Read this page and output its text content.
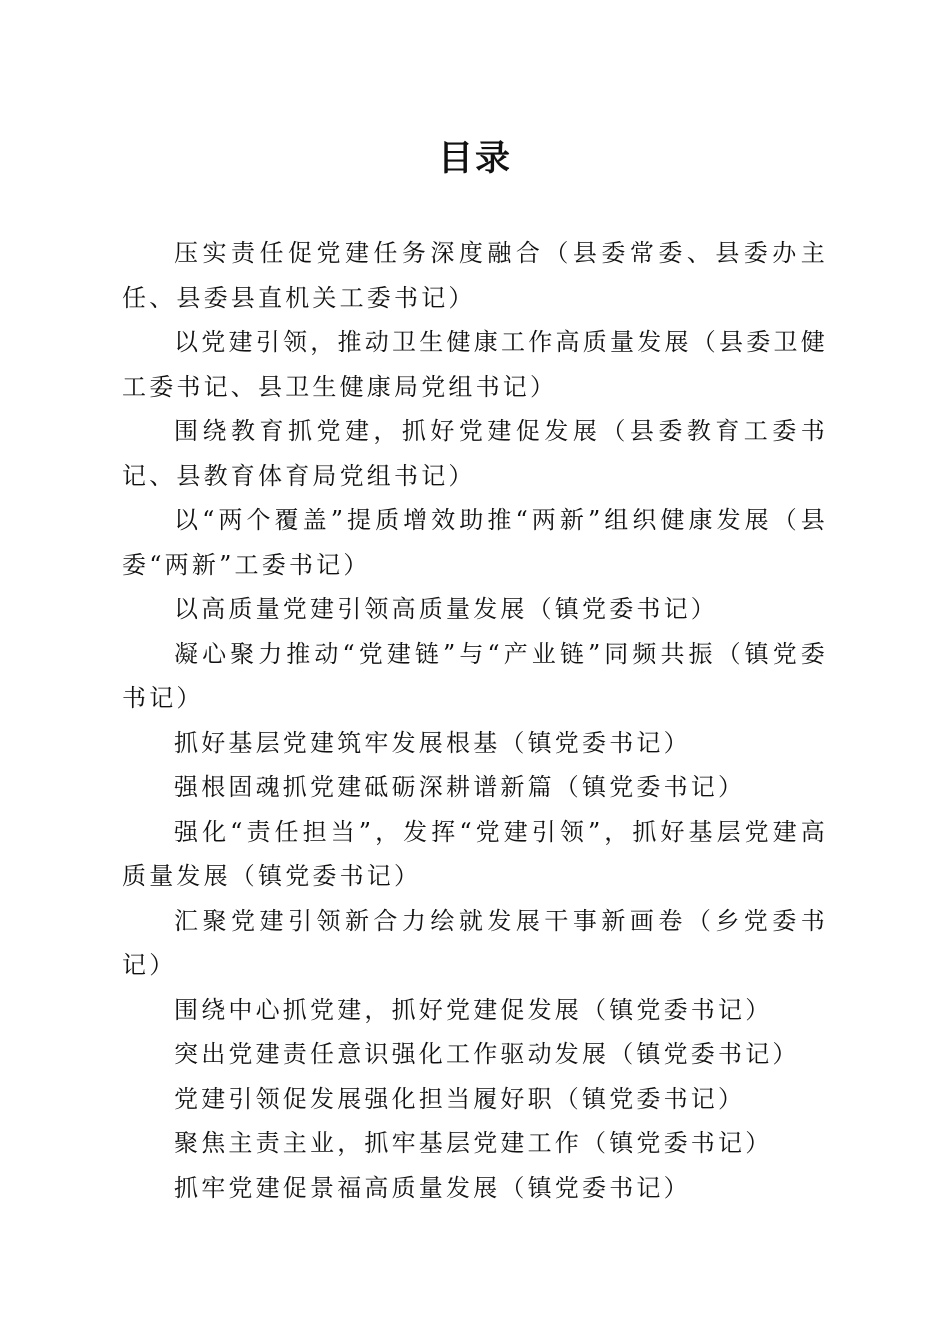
目录
压实责任促党建任务深度融合（县委常委、县委办主任、县委县直机关工委书记）
以党建引领，推动卫生健康工作高质量发展（县委卫健工委书记、县卫生健康局党组书记）
围绕教育抓党建，抓好党建促发展（县委教育工委书记、县教育体育局党组书记）
以“两个覆盖”提质增效助推“两新”组织健康发展（县委“两新”工委书记）
以高质量党建引领高质量发展（镇党委书记）
凝心聚力推动“党建链”与“产业链”同频共振（镇党委书记）
抓好基层党建筑牢发展根基（镇党委书记）
强根固魂抓党建砥砺深耕谱新篇（镇党委书记）
强化“责任担当”，发挥“党建引领”，抓好基层党建高质量发展（镇党委书记）
汇聚党建引领新合力绘就发展干事新画卷（乡党委书记）
围绕中心抓党建，抓好党建促发展（镇党委书记）
突出党建责任意识强化工作驱动发展（镇党委书记）
党建引领促发展强化担当履好职（镇党委书记）
聚焦主责主业，抓牢基层党建工作（镇党委书记）
抓牢党建促景福高质量发展（镇党委书记）
